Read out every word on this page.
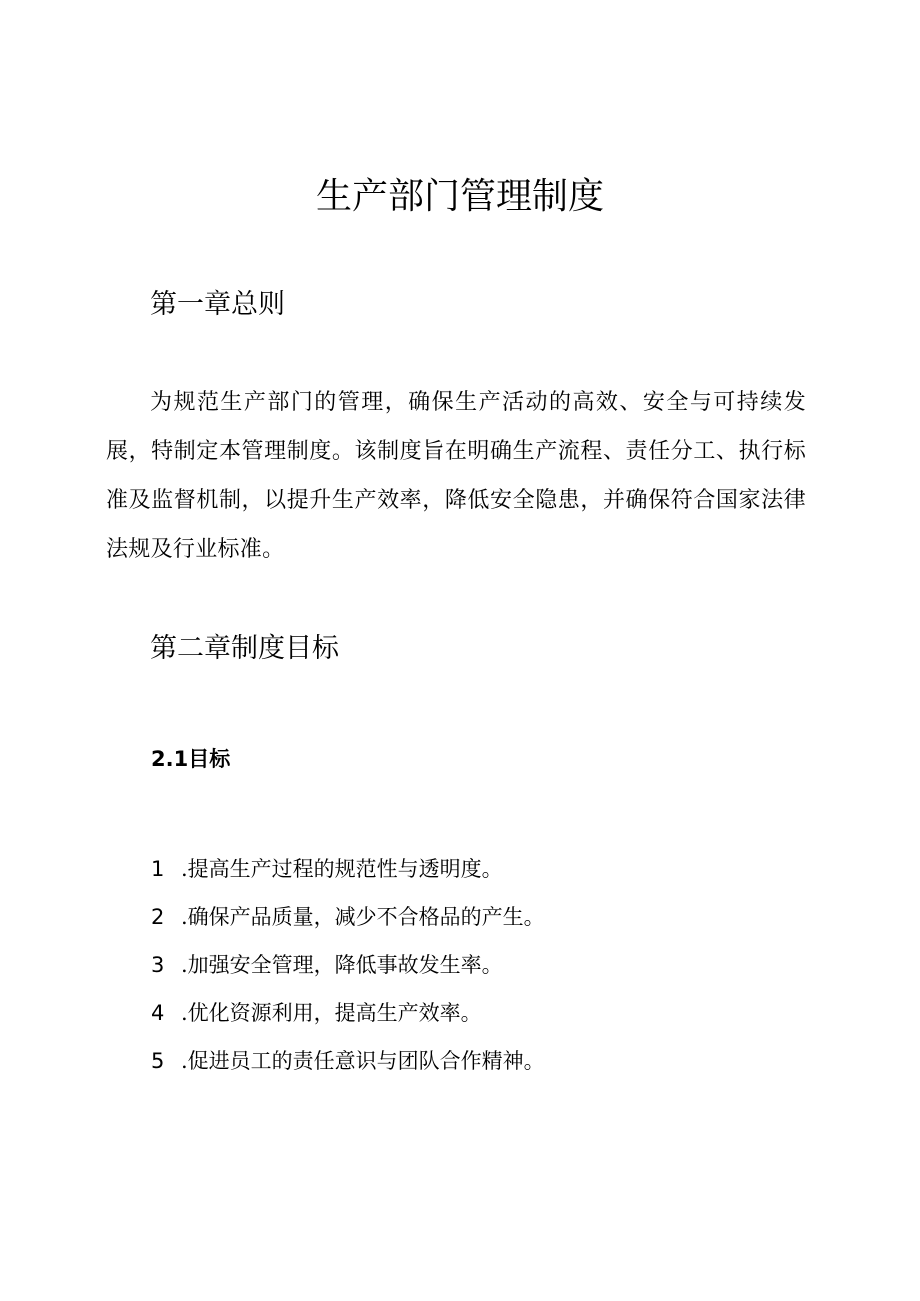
生产部门管理制度
第一章总则

为规范生产部门的管理，确保生产活动的高效、安全与可持续发展，特制定本管理制度。该制度旨在明确生产流程、责任分工、执行标准及监督机制，以提升生产效率，降低安全隐患，并确保符合国家法律法规及行业标准。

第二章制度目标
2.1目标
1 .提高生产过程的规范性与透明度。
2 .确保产品质量，减少不合格品的产生。
3 .加强安全管理，降低事故发生率。
4 .优化资源利用，提高生产效率。
5 .促进员工的责任意识与团队合作精神。
